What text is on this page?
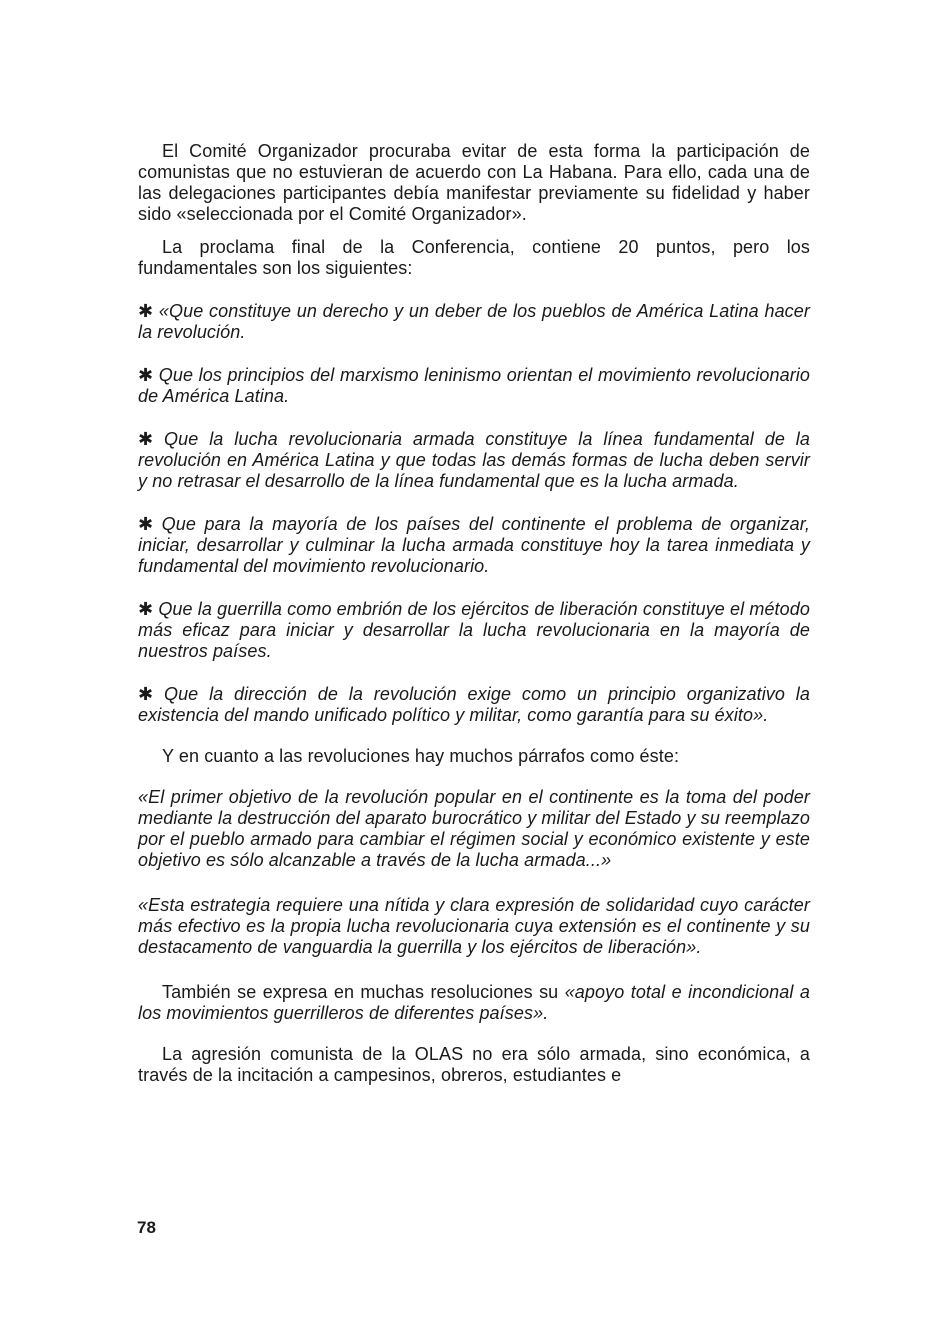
El Comité Organizador procuraba evitar de esta forma la participación de comunistas que no estuvieran de acuerdo con La Habana. Para ello, cada una de las delegaciones participantes debía manifestar previamente su fidelidad y haber sido «seleccionada por el Comité Organizador».

La proclama final de la Conferencia, contiene 20 puntos, pero los fundamentales son los siguientes:

✱ «Que constituye un derecho y un deber de los pueblos de América Latina hacer la revolución.

✱ Que los principios del marxismo leninismo orientan el movimiento revolucionario de América Latina.

✱ Que la lucha revolucionaria armada constituye la línea fundamental de la revolución en América Latina y que todas las demás formas de lucha deben servir y no retrasar el desarrollo de la línea fundamental que es la lucha armada.

✱ Que para la mayoría de los países del continente el problema de organizar, iniciar, desarrollar y culminar la lucha armada constituye hoy la tarea inmediata y fundamental del movimiento revolucionario.

✱ Que la guerrilla como embrión de los ejércitos de liberación constituye el método más eficaz para iniciar y desarrollar la lucha revolucionaria en la mayoría de nuestros países.

✱ Que la dirección de la revolución exige como un principio organizativo la existencia del mando unificado político y militar, como garantía para su éxito».

Y en cuanto a las revoluciones hay muchos párrafos como éste:

«El primer objetivo de la revolución popular en el continente es la toma del poder mediante la destrucción del aparato burocrático y militar del Estado y su reemplazo por el pueblo armado para cambiar el régimen social y económico existente y este objetivo es sólo alcanzable a través de la lucha armada...»

«Esta estrategia requiere una nítida y clara expresión de solidaridad cuyo carácter más efectivo es la propia lucha revolucionaria cuya extensión es el continente y su destacamento de vanguardia la guerrilla y los ejércitos de liberación».

También se expresa en muchas resoluciones su «apoyo total e incondicional a los movimientos guerrilleros de diferentes países».

La agresión comunista de la OLAS no era sólo armada, sino económica, a través de la incitación a campesinos, obreros, estudiantes e

78
